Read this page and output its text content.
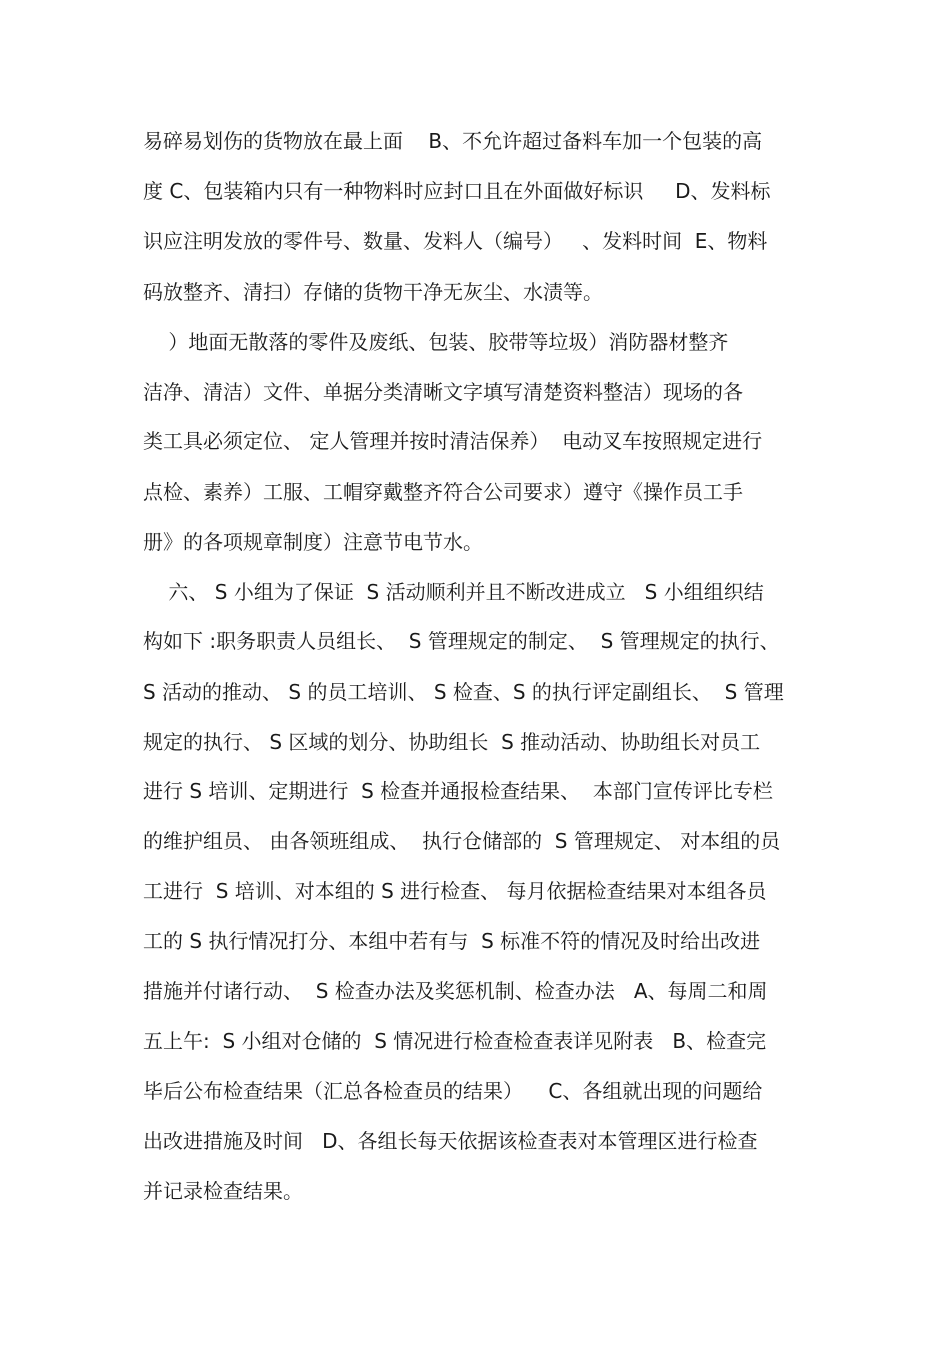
易碎易划伤的货物放在最上面    B、不允许超过备料车加一个包装的高

度 C、包装箱内只有一种物料时应封口且在外面做好标识     D、发料标

识应注明发放的零件号、数量、发料人（编号）   、发料时间  E、物料

码放整齐、清扫）存储的货物干净无灰尘、水渍等。

）地面无散落的零件及废纸、包装、胶带等垃圾）消防器材整齐

洁净、清洁）文件、单据分类清晰文字填写清楚资料整洁）现场的各

类工具必须定位、 定人管理并按时清洁保养）  电动叉车按照规定进行

点检、素养）工服、工帽穿戴整齐符合公司要求）遵守《操作员工手

册》的各项规章制度）注意节电节水。

六、 S 小组为了保证  S 活动顺利并且不断改进成立   S 小组组织结

构如下 :职务职责人员组长、  S 管理规定的制定、  S 管理规定的执行、

S 活动的推动、 S 的员工培训、 S 检查、S 的执行评定副组长、  S 管理

规定的执行、 S 区域的划分、协助组长  S 推动活动、协助组长对员工

进行 S 培训、定期进行  S 检查并通报检查结果、  本部门宣传评比专栏

的维护组员、 由各领班组成、  执行仓储部的  S 管理规定、 对本组的员

工进行  S 培训、对本组的 S 进行检查、 每月依据检查结果对本组各员

工的 S 执行情况打分、本组中若有与  S 标准不符的情况及时给出改进

措施并付诸行动、  S 检查办法及奖惩机制、检查办法   A、每周二和周

五上午:  S 小组对仓储的  S 情况进行检查检查表详见附表   B、检查完

毕后公布检查结果（汇总各检查员的结果）    C、各组就出现的问题给

出改进措施及时间   D、各组长每天依据该检查表对本管理区进行检查

并记录检查结果。
